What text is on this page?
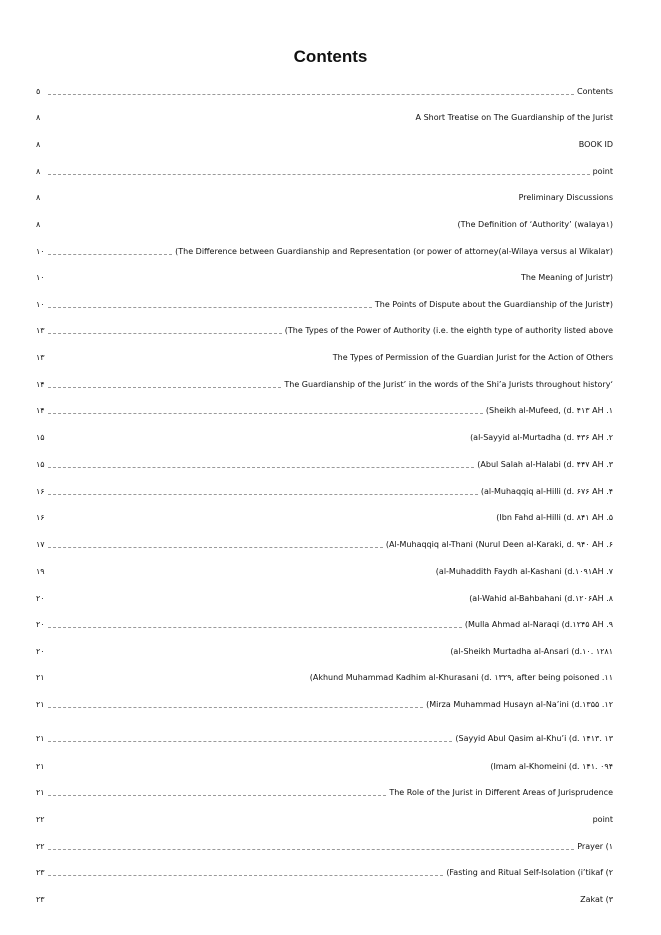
Contents
٥	Contents
٨	A Short Treatise on The Guardianship of the Jurist
٨	BOOK ID
٨	point
٨	Preliminary Discussions
٨	(The Definition of ‘Authority’ (walaya‏(١
١٠	(The Difference between Guardianship and Representation (or power of attorney‏(al-Wilaya versus al Wikala‏(٢
١٠	The Meaning of Jurist‏(٣
١٠	The Points of Dispute about the Guardianship of the Jurist‏(۴
١٣	(The Types of the Power of Authority (i.e. the eighth type of authority listed above
١٣	The Types of Permission of the Guardian Jurist for the Action of Others
١۴	The Guardianship of the Jurist’ in the words of the Shi’a Jurists throughout history‘
١۴	(Sheikh al-Mufeed, (d. ۴١٣ AH .١
١۵	(al-Sayyid al-Murtadha (d. ۴٣۶ AH .٢
١۵	(Abul Salah al-Halabi (d. ۴۴٧ AH .٣
١۶	(al-Muhaqqiq al-Hilli (d. ۶٧۶ AH .۴
١۶	(Ibn Fahd al-Hilli (d. ٨۴١ AH .۵
١٧	(Al-Muhaqqiq al-Thani (Nurul Deen al-Karaki, d. ٩۴٠ AH .۶
١٩	(al-Muhaddith Faydh al-Kashani (d.١٠٩١AH .٧
٢٠	(al-Wahid al-Bahbahani (d.١٢٠۶AH .٨
٢٠	(Mulla Ahmad al-Naraqi (d.١٢۴۵ AH .٩
٢٠	(al-Sheikh Murtadha al-Ansari (d.١٢٨١ .١٠
٢١	(Akhund Muhammad Kadhim al-Khurasani (d. ١٣٢٩, after being poisoned .١١
٢١	(Mirza Muhammad Husayn al-Na’ini (d.١٣۵۵ .١٢
٢١	(Sayyid Abul Qasim al-Khu’i (d. ١۴١٣ .١٣
٢١	(Imam al-Khomeini (d. ١۴٠٩ .١۴
٢١	The Role of the Jurist in Different Areas of Jurisprudence
٢٢	point
٢٢	Prayer (١
٢٣	(Fasting and Ritual Self-Isolation (i’tikaf (٢
٢٣	Zakat (٣
